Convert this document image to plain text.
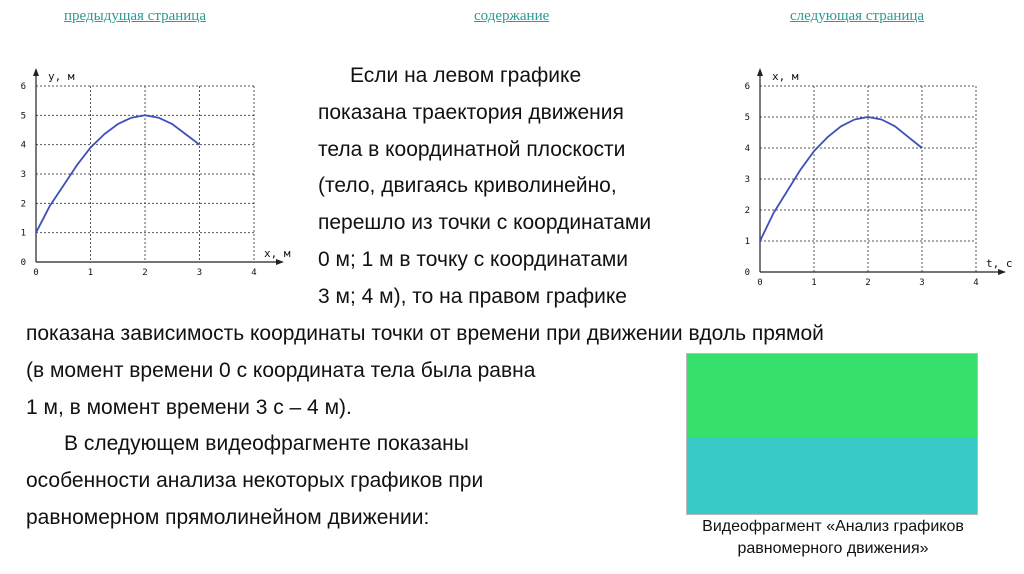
предыдущая страница	содержание	следующая страница
0	1	2	3	4
0
1
2
3
4
5
6
x, м
y, м
0	1	2	3	4
0
1
2
3
4
5
6
t, c
x, м

Если на левом графике
показана траектория движения
тела в координатной плоскости
(тело, двигаясь криволинейно,
перешло из точки с координатами
0 м; 1 м в точку с координатами
3 м; 4 м), то на правом графике

показана зависимость координаты точки от времени при движении вдоль прямой
(в момент времени 0 с координата тела была равна
1 м, в момент времени 3 с – 4 м).

В следующем видеофрагменте показаны
особенности анализа некоторых графиков при
равномерном прямолинейном движении:	Видеофрагмент «Анализ графиков
равномерного движения»
